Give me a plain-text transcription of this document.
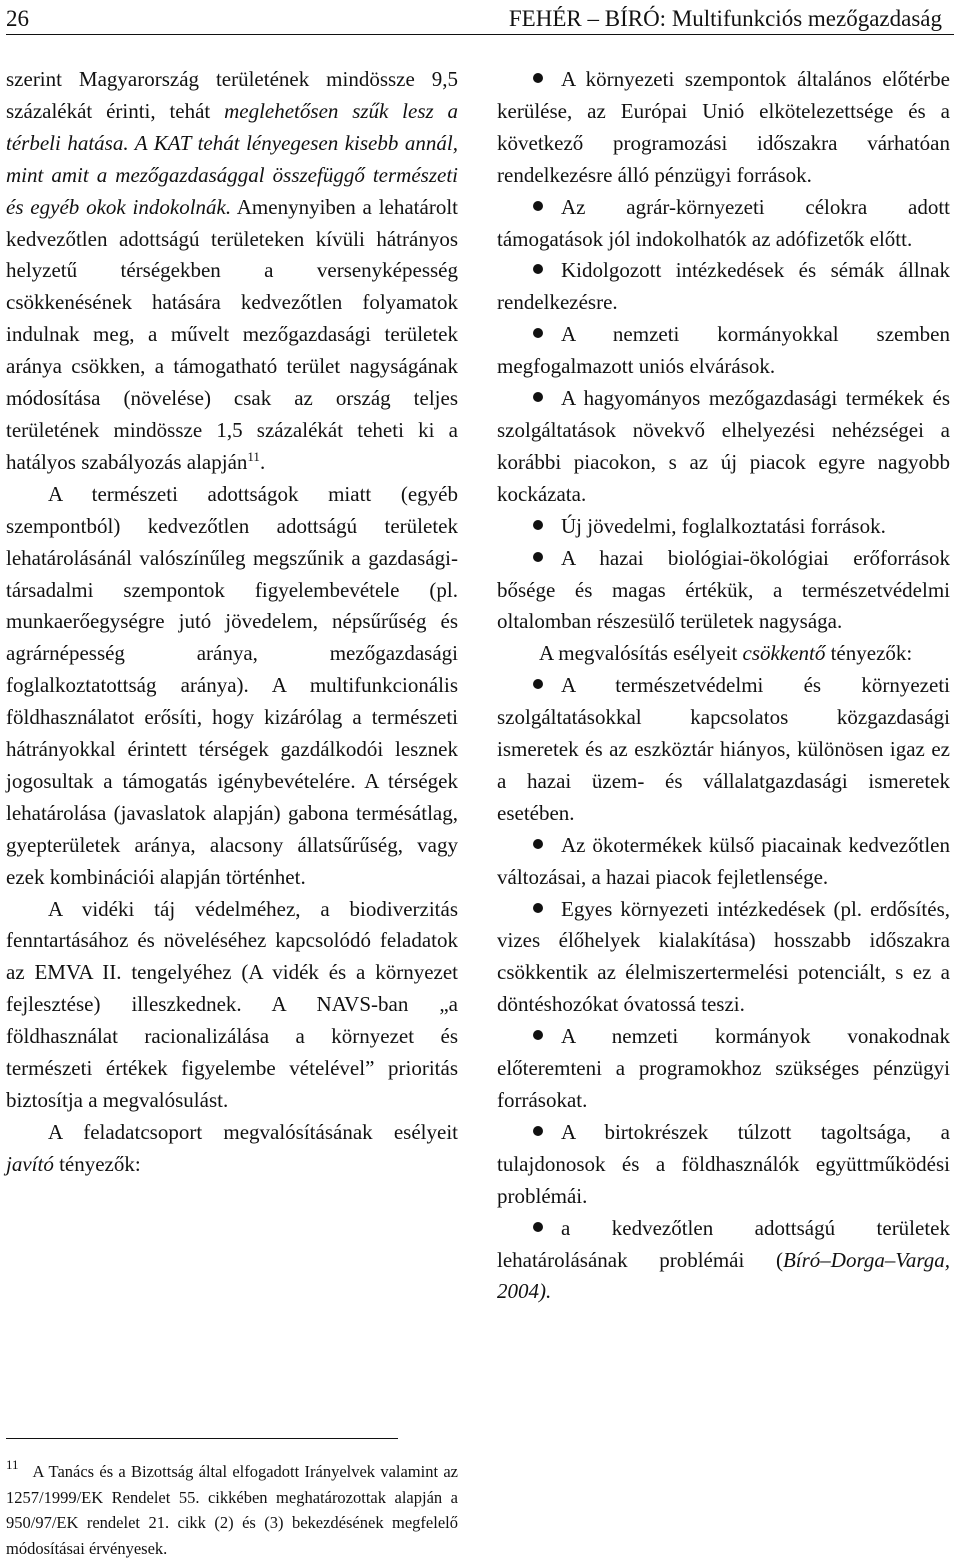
26	FEHÉR – BÍRÓ: Multifunkciós mezőgazdaság

szerint Magyarország területének mindössze 9,5 százalékát érinti, tehát meglehetősen szűk lesz a térbeli hatása. A KAT tehát lényegesen kisebb annál, mint amit a mezőgazdasággal összefüggő természeti és egyéb okok indokolnák. Amenynyiben a lehatárolt kedvezőtlen adottságú területeken kívüli hátrányos helyzetű térségekben a versenyképesség csökkenésének hatására kedvezőtlen folyamatok indulnak meg, a művelt mezőgazdasági területek aránya csökken, a támogatható terület nagyságának módosítása (növelése) csak az ország teljes területének mindössze 1,5 százalékát teheti ki a hatályos szabályozás alapján$^{11}$.

A természeti adottságok miatt (egyéb szempontból) kedvezőtlen adottságú területek lehatárolásánál valószínűleg megszűnik a gazdasági-társadalmi szempontok figyelembevétele (pl. munkaerőegységre jutó jövedelem, népsűrűség és agrárnépesség aránya, mezőgazdasági foglalkoztatottság aránya). A multifunkcionális földhasználatot erősíti, hogy kizárólag a természeti hátrányokkal érintett térségek gazdálkodói lesznek jogosultak a támogatás igénybevételére. A térségek lehatárolása (javaslatok alapján) gabona termésátlag, gyepterületek aránya, alacsony állatsűrűség, vagy ezek kombinációi alapján történhet.

A vidéki táj védelméhez, a biodiverzitás fenntartásához és növeléséhez kapcsolódó feladatok az EMVA II. tengelyéhez (A vidék és a környezet fejlesztése) illeszkednek. A NAVS-ban „a földhasználat racionalizálása a környezet és természeti értékek figyelembe vételével” prioritás biztosítja a megvalósulást.

A feladatcsoport megvalósításának esélyeit javító tényezők:

$^{11}$ A Tanács és a Bizottság által elfogadott Irányelvek valamint az 1257/1999/EK Rendelet 55. cikkében meghatározottak alapján a 950/97/EK rendelet 21. cikk (2) és (3) bekezdésének megfelelő módosításai érvényesek.
A környezeti szempontok általános előtérbe kerülése, az Európai Unió elkötelezettsége és a következő programozási időszakra várhatóan rendelkezésre álló pénzügyi források.
Az agrár-környezeti célokra adott támogatások jól indokolhatók az adófizetők előtt.
Kidolgozott intézkedések és sémák állnak rendelkezésre.
A nemzeti kormányokkal szemben megfogalmazott uniós elvárások.
A hagyományos mezőgazdasági termékek és szolgáltatások növekvő elhelyezési nehézségei a korábbi piacokon, s az új piacok egyre nagyobb kockázata.
Új jövedelmi, foglalkoztatási források.
A hazai biológiai-ökológiai erőforrások bősége és magas értékük, a természetvédelmi oltalomban részesülő területek nagysága.

A megvalósítás esélyeit csökkentő tényezők:

A természetvédelmi és környezeti szolgáltatásokkal kapcsolatos közgazdasági ismeretek és az eszköztár hiányos, különösen igaz ez a hazai üzem- és vállalatgazdasági ismeretek esetében.
Az ökotermékek külső piacainak kedvezőtlen változásai, a hazai piacok fejletlensége.
Egyes környezeti intézkedések (pl. erdősítés, vizes élőhelyek kialakítása) hosszabb időszakra csökkentik az élelmiszertermelési potenciált, s ez a döntéshozókat óvatossá teszi.
A nemzeti kormányok vonakodnak előteremteni a programokhoz szükséges pénzügyi forrásokat.
A birtokrészek túlzott tagoltsága, a tulajdonosok és a földhasználók együttműködési problémái.
a kedvezőtlen adottságú területek lehatárolásának problémái (Bíró–Dorga–Varga, 2004).
